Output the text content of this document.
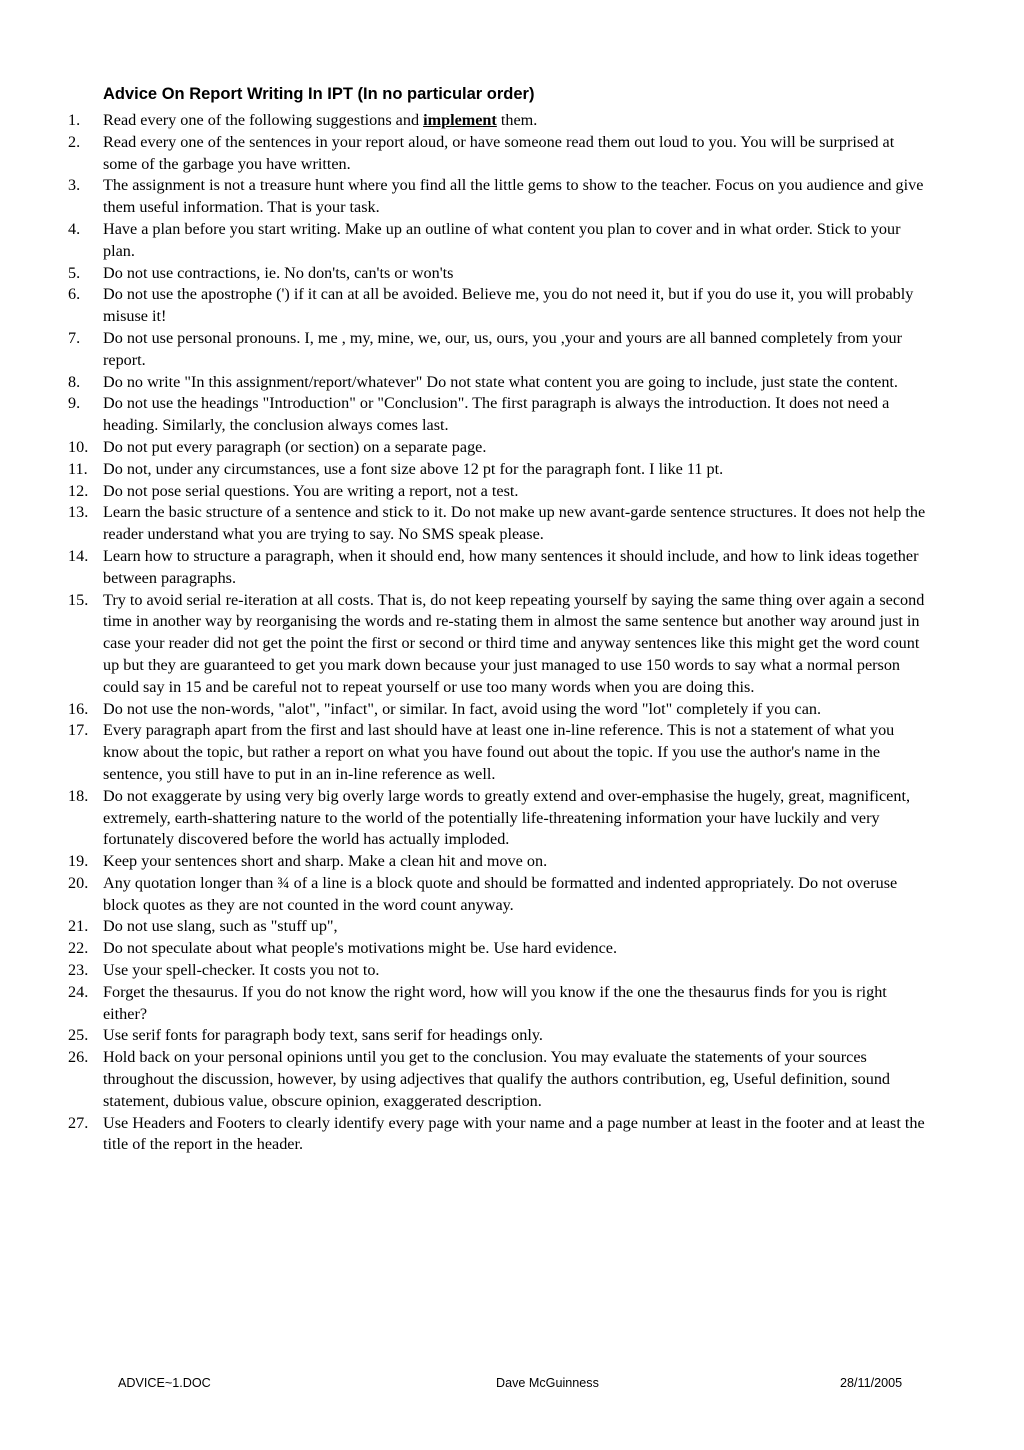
Advice On Report Writing In IPT (In no particular order)
1. Read every one of the following suggestions and implement them.
2. Read every one of the sentences in your report aloud, or have someone read them out loud to you. You will be surprised at some of the garbage you have written.
3. The assignment is not a treasure hunt where you find all the little gems to show to the teacher. Focus on you audience and give them useful information. That is your task.
4. Have a plan before you start writing. Make up an outline of what content you plan to cover and in what order. Stick to your plan.
5. Do not use contractions, ie. No don'ts, can'ts or won'ts
6. Do not use the apostrophe (') if it can at all be avoided. Believe me, you do not need it, but if you do use it, you will probably misuse it!
7. Do not use personal pronouns. I, me , my, mine, we, our, us, ours, you ,your and yours are all banned completely from your report.
8. Do no write "In this assignment/report/whatever" Do not state what content you are going to include, just state the content.
9. Do not use the headings "Introduction" or "Conclusion". The first paragraph is always the introduction. It does not need a heading. Similarly, the conclusion always comes last.
10. Do not put every paragraph (or section) on a separate page.
11. Do not, under any circumstances, use a font size above 12 pt for the paragraph font. I like 11 pt.
12. Do not pose serial questions. You are writing a report, not a test.
13. Learn the basic structure of a sentence and stick to it. Do not make up new avant-garde sentence structures. It does not help the reader understand what you are trying to say. No SMS speak please.
14. Learn how to structure a paragraph, when it should end, how many sentences it should include, and how to link ideas together between paragraphs.
15. Try to avoid serial re-iteration at all costs. That is, do not keep repeating yourself by saying the same thing over again a second time in another way by reorganising the words and re-stating them in almost the same sentence but another way around just in case your reader did not get the point the first or second or third time and anyway sentences like this might get the word count up but they are guaranteed to get you mark down because your just managed to use 150 words to say what a normal person could say in 15 and be careful not to repeat yourself or use too many words when you are doing this.
16. Do not use the non-words, "alot", "infact", or similar. In fact, avoid using the word "lot" completely if you can.
17. Every paragraph apart from the first and last should have at least one in-line reference. This is not a statement of what you know about the topic, but rather a report on what you have found out about the topic. If you use the author's name in the sentence, you still have to put in an in-line reference as well.
18. Do not exaggerate by using very big overly large words to greatly extend and over-emphasise the hugely, great, magnificent, extremely, earth-shattering nature to the world of the potentially life-threatening information your have luckily and very fortunately discovered before the world has actually imploded.
19. Keep your sentences short and sharp. Make a clean hit and move on.
20. Any quotation longer than ¾ of a line is a block quote and should be formatted and indented appropriately. Do not overuse block quotes as they are not counted in the word count anyway.
21. Do not use slang, such as "stuff up",
22. Do not speculate about what people's motivations might be. Use hard evidence.
23. Use your spell-checker. It costs you not to.
24. Forget the thesaurus. If you do not know the right word, how will you know if the one the thesaurus finds for you is right either?
25. Use serif fonts for paragraph body text, sans serif for headings only.
26. Hold back on your personal opinions until you get to the conclusion. You may evaluate the statements of your sources throughout the discussion, however, by using adjectives that qualify the authors contribution, eg, Useful definition, sound statement, dubious value, obscure opinion, exaggerated description.
27. Use Headers and Footers to clearly identify every page with your name and a page number at least in the footer and at least the title of the report in the header.
ADVICE~1.DOC	Dave McGuinness	28/11/2005
